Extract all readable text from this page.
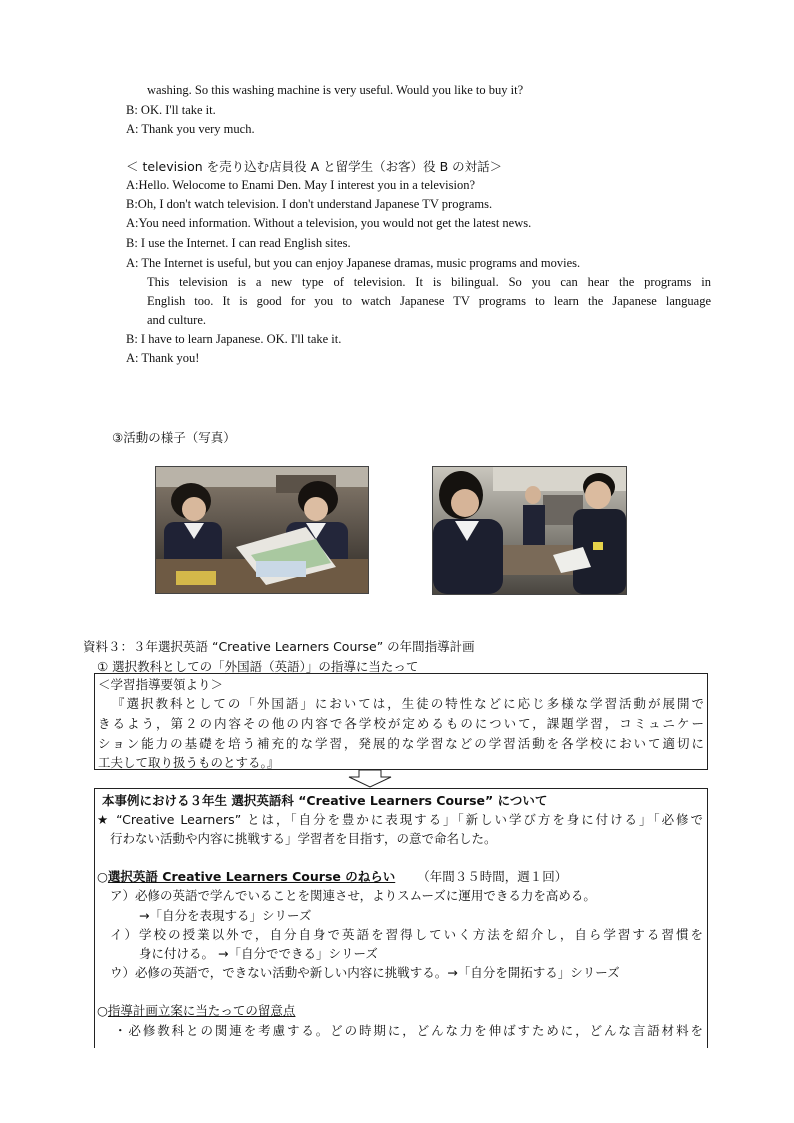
washing. So this washing machine is very useful. Would you like to buy it?
B: OK. I'll take it.
A: Thank you very much.
＜ television を売り込む店員役 A と留学生（お客）役 B の対話＞
A:Hello. Welocome to Enami Den. May I interest you in a television?
B:Oh, I don't watch television. I don't understand Japanese TV programs.
A:You need information. Without a television, you would not get the latest news.
B: I use the Internet. I can read English sites.
A: The Internet is useful, but you can enjoy Japanese dramas, music programs and movies.
This television is a new type of television. It is bilingual. So you can hear the programs in
English too. It is good for you to watch Japanese TV programs to learn the Japanese language
and culture.
B: I have to learn Japanese. OK. I'll take it.
A: Thank you!
③活動の様子（写真）
資料３：３年選択英語 “Creative Learners Course” の年間指導計画
① 選択教科としての「外国語（英語）」の指導に当たって
＜学習指導要領より＞
『選択教科としての「外国語」においては，生徒の特性などに応じ多様な学習活動が展開で
きるよう，第２の内容その他の内容で各学校が定めるものについて，課題学習，コミュニケー
ション能力の基礎を培う補充的な学習，発展的な学習などの学習活動を各学校において適切に
工夫して取り扱うものとする。』
本事例における３年生 選択英語科 “Creative Learners Course” について
★ “Creative Learners” とは，「自分を豊かに表現する」「新しい学び方を身に付ける」「必修で
行わない活動や内容に挑戦する」学習者を目指す，の意で命名した。
○選択英語 Creative Learners Course のねらい （年間３５時間，週１回）
ア）必修の英語で学んでいることを関連させ，よりスムーズに運用できる力を高める。
→「自分を表現する」シリーズ
イ）学校の授業以外で，自分自身で英語を習得していく方法を紹介し，自ら学習する習慣を
身に付ける。 →「自分でできる」シリーズ
ウ）必修の英語で，できない活動や新しい内容に挑戦する。→「自分を開拓する」シリーズ
○指導計画立案に当たっての留意点
・必修教科との関連を考慮する。どの時期に，どんな力を伸ばすために，どんな言語材料を
